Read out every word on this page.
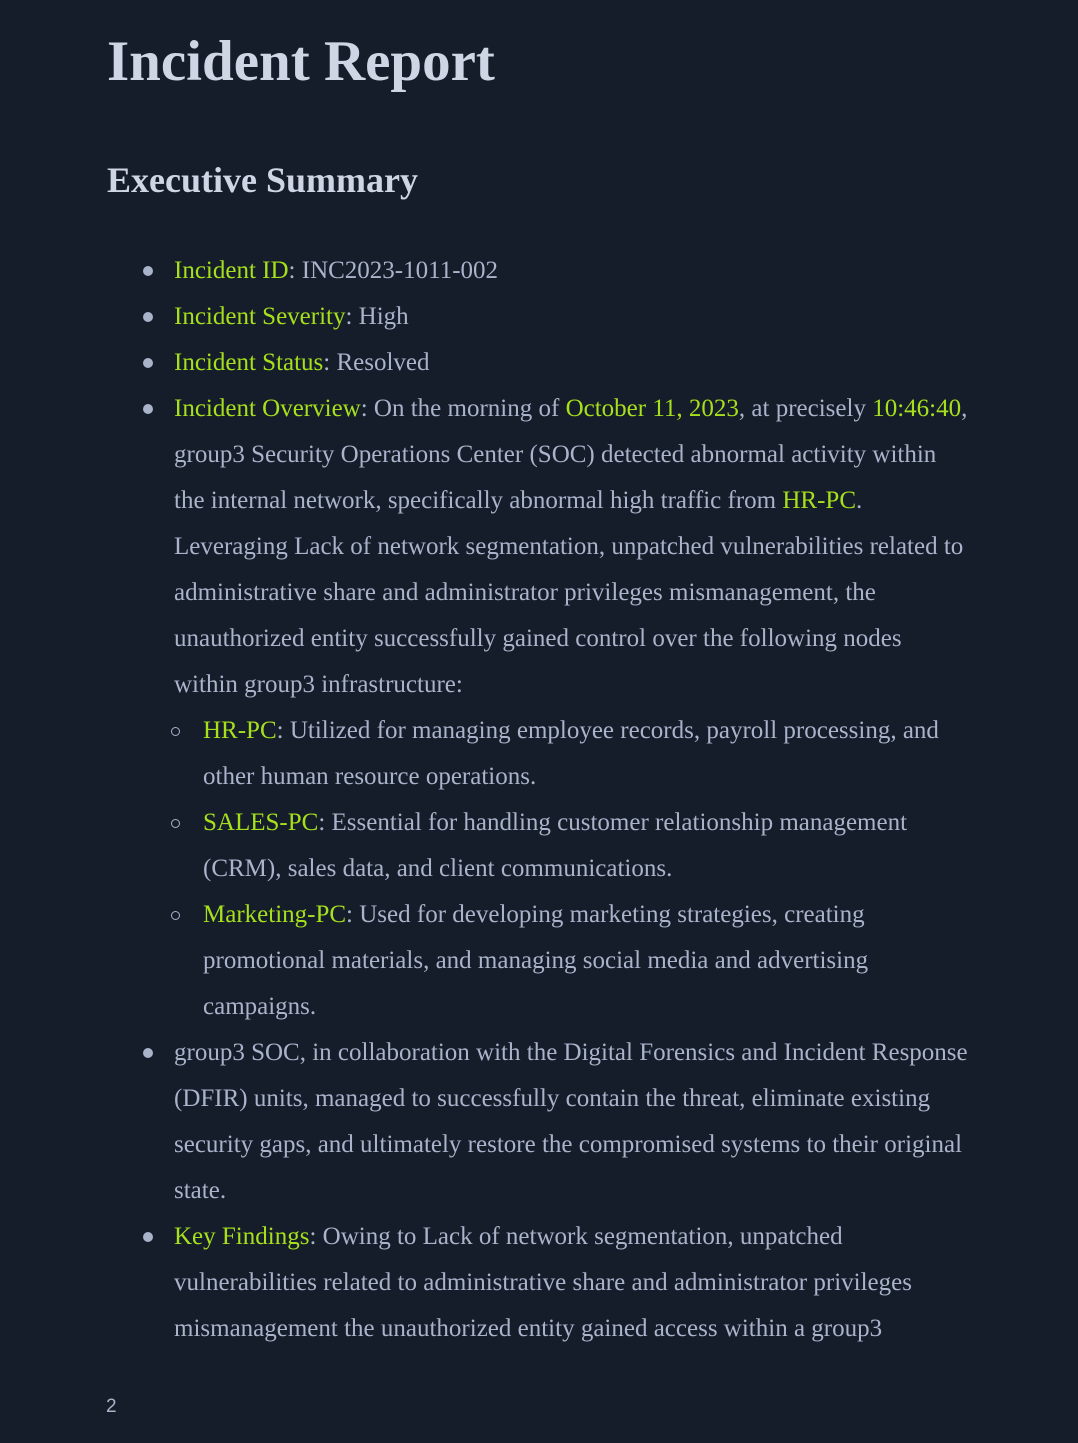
Incident Report
Executive Summary
Incident ID: INC2023-1011-002
Incident Severity: High
Incident Status: Resolved
Incident Overview: On the morning of October 11, 2023, at precisely 10:46:40, group3 Security Operations Center (SOC) detected abnormal activity within the internal network, specifically abnormal high traffic from HR-PC. Leveraging Lack of network segmentation, unpatched vulnerabilities related to administrative share and administrator privileges mismanagement, the unauthorized entity successfully gained control over the following nodes within group3 infrastructure:
HR-PC: Utilized for managing employee records, payroll processing, and other human resource operations.
SALES-PC: Essential for handling customer relationship management (CRM), sales data, and client communications.
Marketing-PC: Used for developing marketing strategies, creating promotional materials, and managing social media and advertising campaigns.
group3 SOC, in collaboration with the Digital Forensics and Incident Response (DFIR) units, managed to successfully contain the threat, eliminate existing security gaps, and ultimately restore the compromised systems to their original state.
Key Findings: Owing to Lack of network segmentation, unpatched vulnerabilities related to administrative share and administrator privileges mismanagement the unauthorized entity gained access within a group3
2
